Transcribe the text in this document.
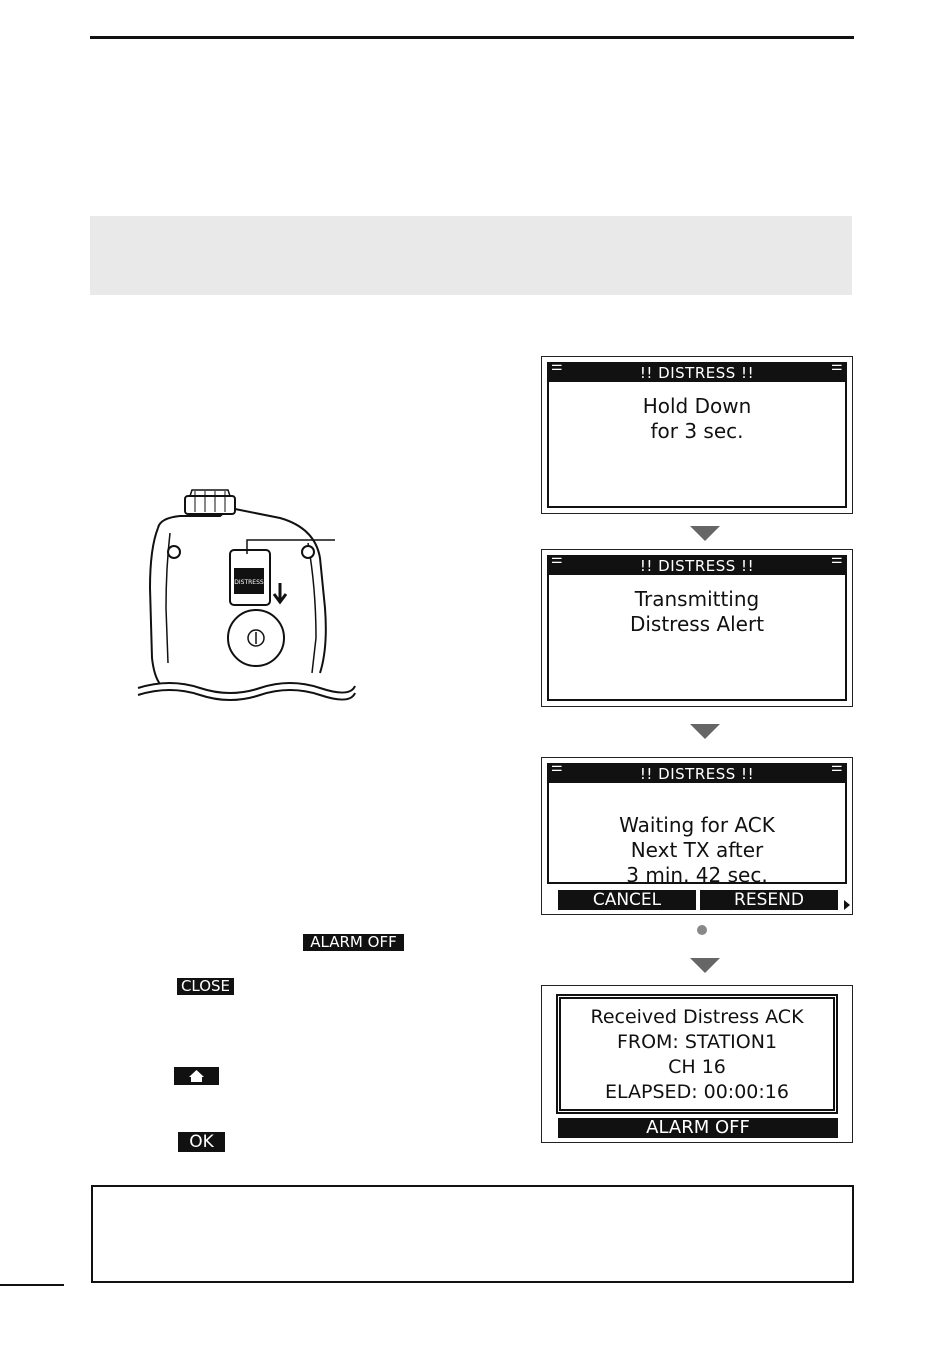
DISTRESS
!! DISTRESS !!
☰	☰
Hold Down
for 3 sec.
!! DISTRESS !!
☰	☰
Transmitting
Distress Alert
!! DISTRESS !!
☰	☰
Waiting for ACK
Next TX after
3 min. 42 sec.
CANCEL	RESEND
Received Distress ACK
FROM: STATION1
CH 16
ELAPSED: 00:00:16
ALARM OFF
ALARM OFF
CLOSE
OK
